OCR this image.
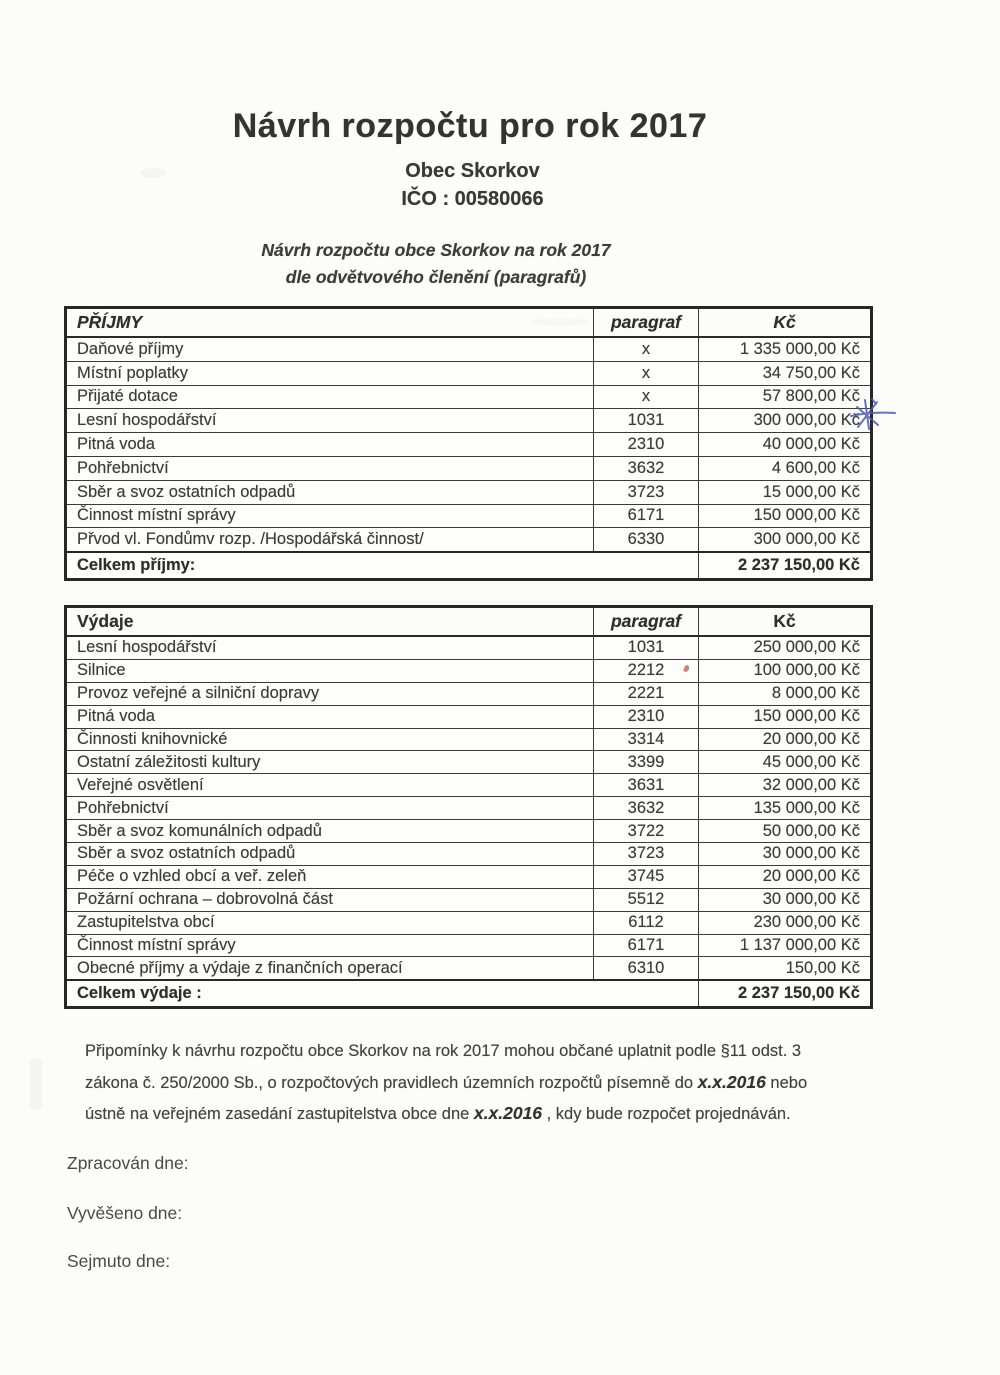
Návrh rozpočtu pro rok 2017
Obec Skorkov
IČO : 00580066
Návrh rozpočtu obce Skorkov na rok 2017
dle odvětvového členění (paragrafů)
PŘÍJMY	paragraf	Kč
Daňové příjmy	x	1 335 000,00 Kč
Místní poplatky	x	34 750,00 Kč
Přijaté dotace	x	57 800,00 Kč
Lesní hospodářství	1031	300 000,00 Kč
Pitná voda	2310	40 000,00 Kč
Pohřebnictví	3632	4 600,00 Kč
Sběr a svoz ostatních odpadů	3723	15 000,00 Kč
Činnost místní správy	6171	150 000,00 Kč
Přvod vl. Fondůmv rozp. /Hospodářská činnost/	6330	300 000,00 Kč
Celkem příjmy:		2 237 150,00 Kč
Výdaje	paragraf	Kč
Lesní hospodářství	1031	250 000,00 Kč
Silnice	2212	100 000,00 Kč
Provoz veřejné a silniční dopravy	2221	8 000,00 Kč
Pitná voda	2310	150 000,00 Kč
Činnosti knihovnické	3314	20 000,00 Kč
Ostatní záležitosti kultury	3399	45 000,00 Kč
Veřejné osvětlení	3631	32 000,00 Kč
Pohřebnictví	3632	135 000,00 Kč
Sběr a svoz komunálních odpadů	3722	50 000,00 Kč
Sběr a svoz ostatních odpadů	3723	30 000,00 Kč
Péče o vzhled obcí a veř. zeleň	3745	20 000,00 Kč
Požární ochrana – dobrovolná část	5512	30 000,00 Kč
Zastupitelstva obcí	6112	230 000,00 Kč
Činnost místní správy	6171	1 137 000,00 Kč
Obecné příjmy a výdaje z finančních operací	6310	150,00 Kč
Celkem výdaje :		2 237 150,00 Kč
Připomínky k návrhu rozpočtu obce Skorkov na rok 2017 mohou občané uplatnit podle §11 odst. 3
zákona č. 250/2000 Sb., o rozpočtových pravidlech územních rozpočtů písemně do x.x.2016 nebo
ústně na veřejném zasedání zastupitelstva obce dne x.x.2016 , kdy bude rozpočet projednáván.
Zpracován dne:
Vyvěšeno dne:
Sejmuto dne:
